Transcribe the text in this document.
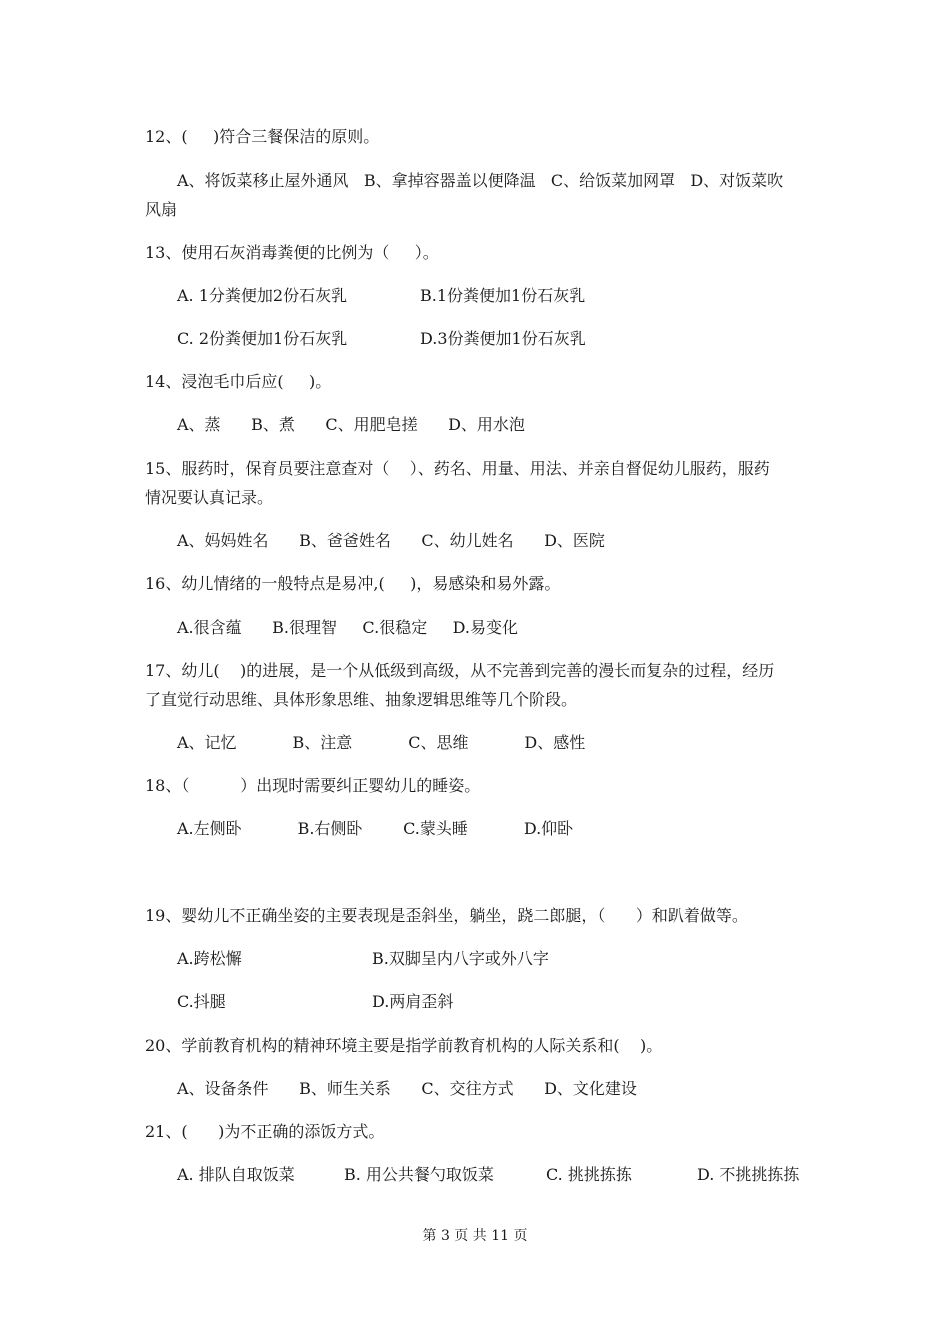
12、(     )符合三餐保洁的原则。
A、将饭菜移止屋外通风   B、拿掉容器盖以便降温   C、给饭菜加网罩   D、对饭菜吹
风扇
13、使用石灰消毒粪便的比例为（     ）。
A. 1分粪便加2份石灰乳	B.1份粪便加1份石灰乳
C. 2份粪便加1份石灰乳	D.3份粪便加1份石灰乳
14、浸泡毛巾后应(     )。
A、蒸      B、煮      C、用肥皂搓      D、用水泡
15、服药时，保育员要注意查对（    ）、药名、用量、用法、并亲自督促幼儿服药，服药
情况要认真记录。
A、妈妈姓名      B、爸爸姓名      C、幼儿姓名      D、医院
16、幼儿情绪的一般特点是易冲,(     )，易感染和易外露。
A.很含蕴      B.很理智     C.很稳定     D.易变化
17、幼儿(    )的进展，是一个从低级到高级，从不完善到完善的漫长而复杂的过程，经历
了直觉行动思维、具体形象思维、抽象逻辑思维等几个阶段。
A、记忆           B、注意           C、思维           D、感性
18、（          ）出现时需要纠正婴幼儿的睡姿。
A.左侧卧           B.右侧卧        C.蒙头睡           D.仰卧
19、婴幼儿不正确坐姿的主要表现是歪斜坐，躺坐，跷二郎腿，（      ）和趴着做等。
A.跨松懈	B.双脚呈内八字或外八字
C.抖腿	D.两肩歪斜
20、学前教育机构的精神环境主要是指学前教育机构的人际关系和(    )。
A、设备条件      B、师生关系      C、交往方式      D、文化建设
21、(      )为不正确的添饭方式。
A. 排队自取饭菜	B. 用公共餐勺取饭菜	C. 挑挑拣拣	D. 不挑挑拣拣
第 3 页 共 11 页
